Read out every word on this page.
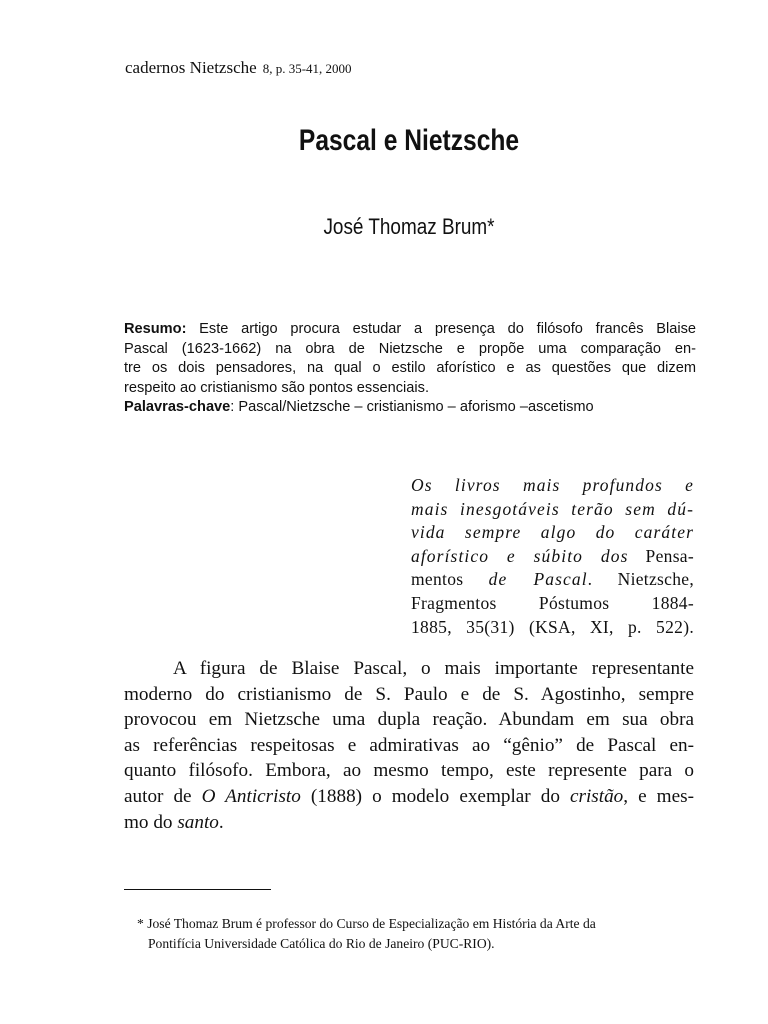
cadernos Nietzsche 8, p. 35-41, 2000
Pascal e Nietzsche
José Thomaz Brum*
Resumo: Este artigo procura estudar a presença do filósofo francês Blaise
Pascal (1623-1662) na obra de Nietzsche e propõe uma comparação en-
tre os dois pensadores, na qual o estilo aforístico e as questões que dizem
respeito ao cristianismo são pontos essenciais.
Palavras-chave: Pascal/Nietzsche – cristianismo – aforismo –ascetismo
Os livros mais profundos e
mais inesgotáveis terão sem dú-
vida sempre algo do caráter
aforístico e súbito dos Pensa-
mentos de Pascal. Nietzsche,
Fragmentos Póstumos 1884-
1885, 35(31) (KSA, XI, p. 522).
A figura de Blaise Pascal, o mais importante representante
moderno do cristianismo de S. Paulo e de S. Agostinho, sempre
provocou em Nietzsche uma dupla reação. Abundam em sua obra
as referências respeitosas e admirativas ao “gênio” de Pascal en-
quanto filósofo. Embora, ao mesmo tempo, este represente para o
autor de O Anticristo (1888) o modelo exemplar do cristão, e mes-
mo do santo.
* José Thomaz Brum é professor do Curso de Especialização em História da Arte da
Pontifícia Universidade Católica do Rio de Janeiro (PUC-RIO).
